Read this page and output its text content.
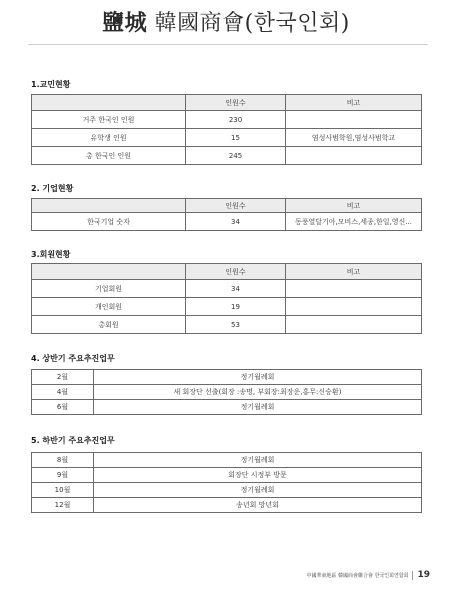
鹽城 韓國商會(한국인회)
1.교민현황
	인원수	비고
거주 한국인 인원	230	
유학생 인원	15	염성사범학원,염성사범학교
총 한국인 인원	245	
2. 기업현황
	인원수	비고
한국기업 숫자	34	동풍열달기아,모비스,세종,한일,영신...
3.회원현황
	인원수	비고
기업회원	34	
개인회원	19	
총회원	53	
4. 상반기 주요추진업무
2월	정기월례회
4월	새 회장단 선출(회장 :송명, 부회장:최장운,홍무:신승환)
6월	정기월례회
5. 하반기 주요추진업무
8월	정기월례회
9월	회장단 시정부 방문
10월	정기월례회
12월	송년회 망년회
中國華東地區 韓國商會聯合會 한국인회연합회 19
